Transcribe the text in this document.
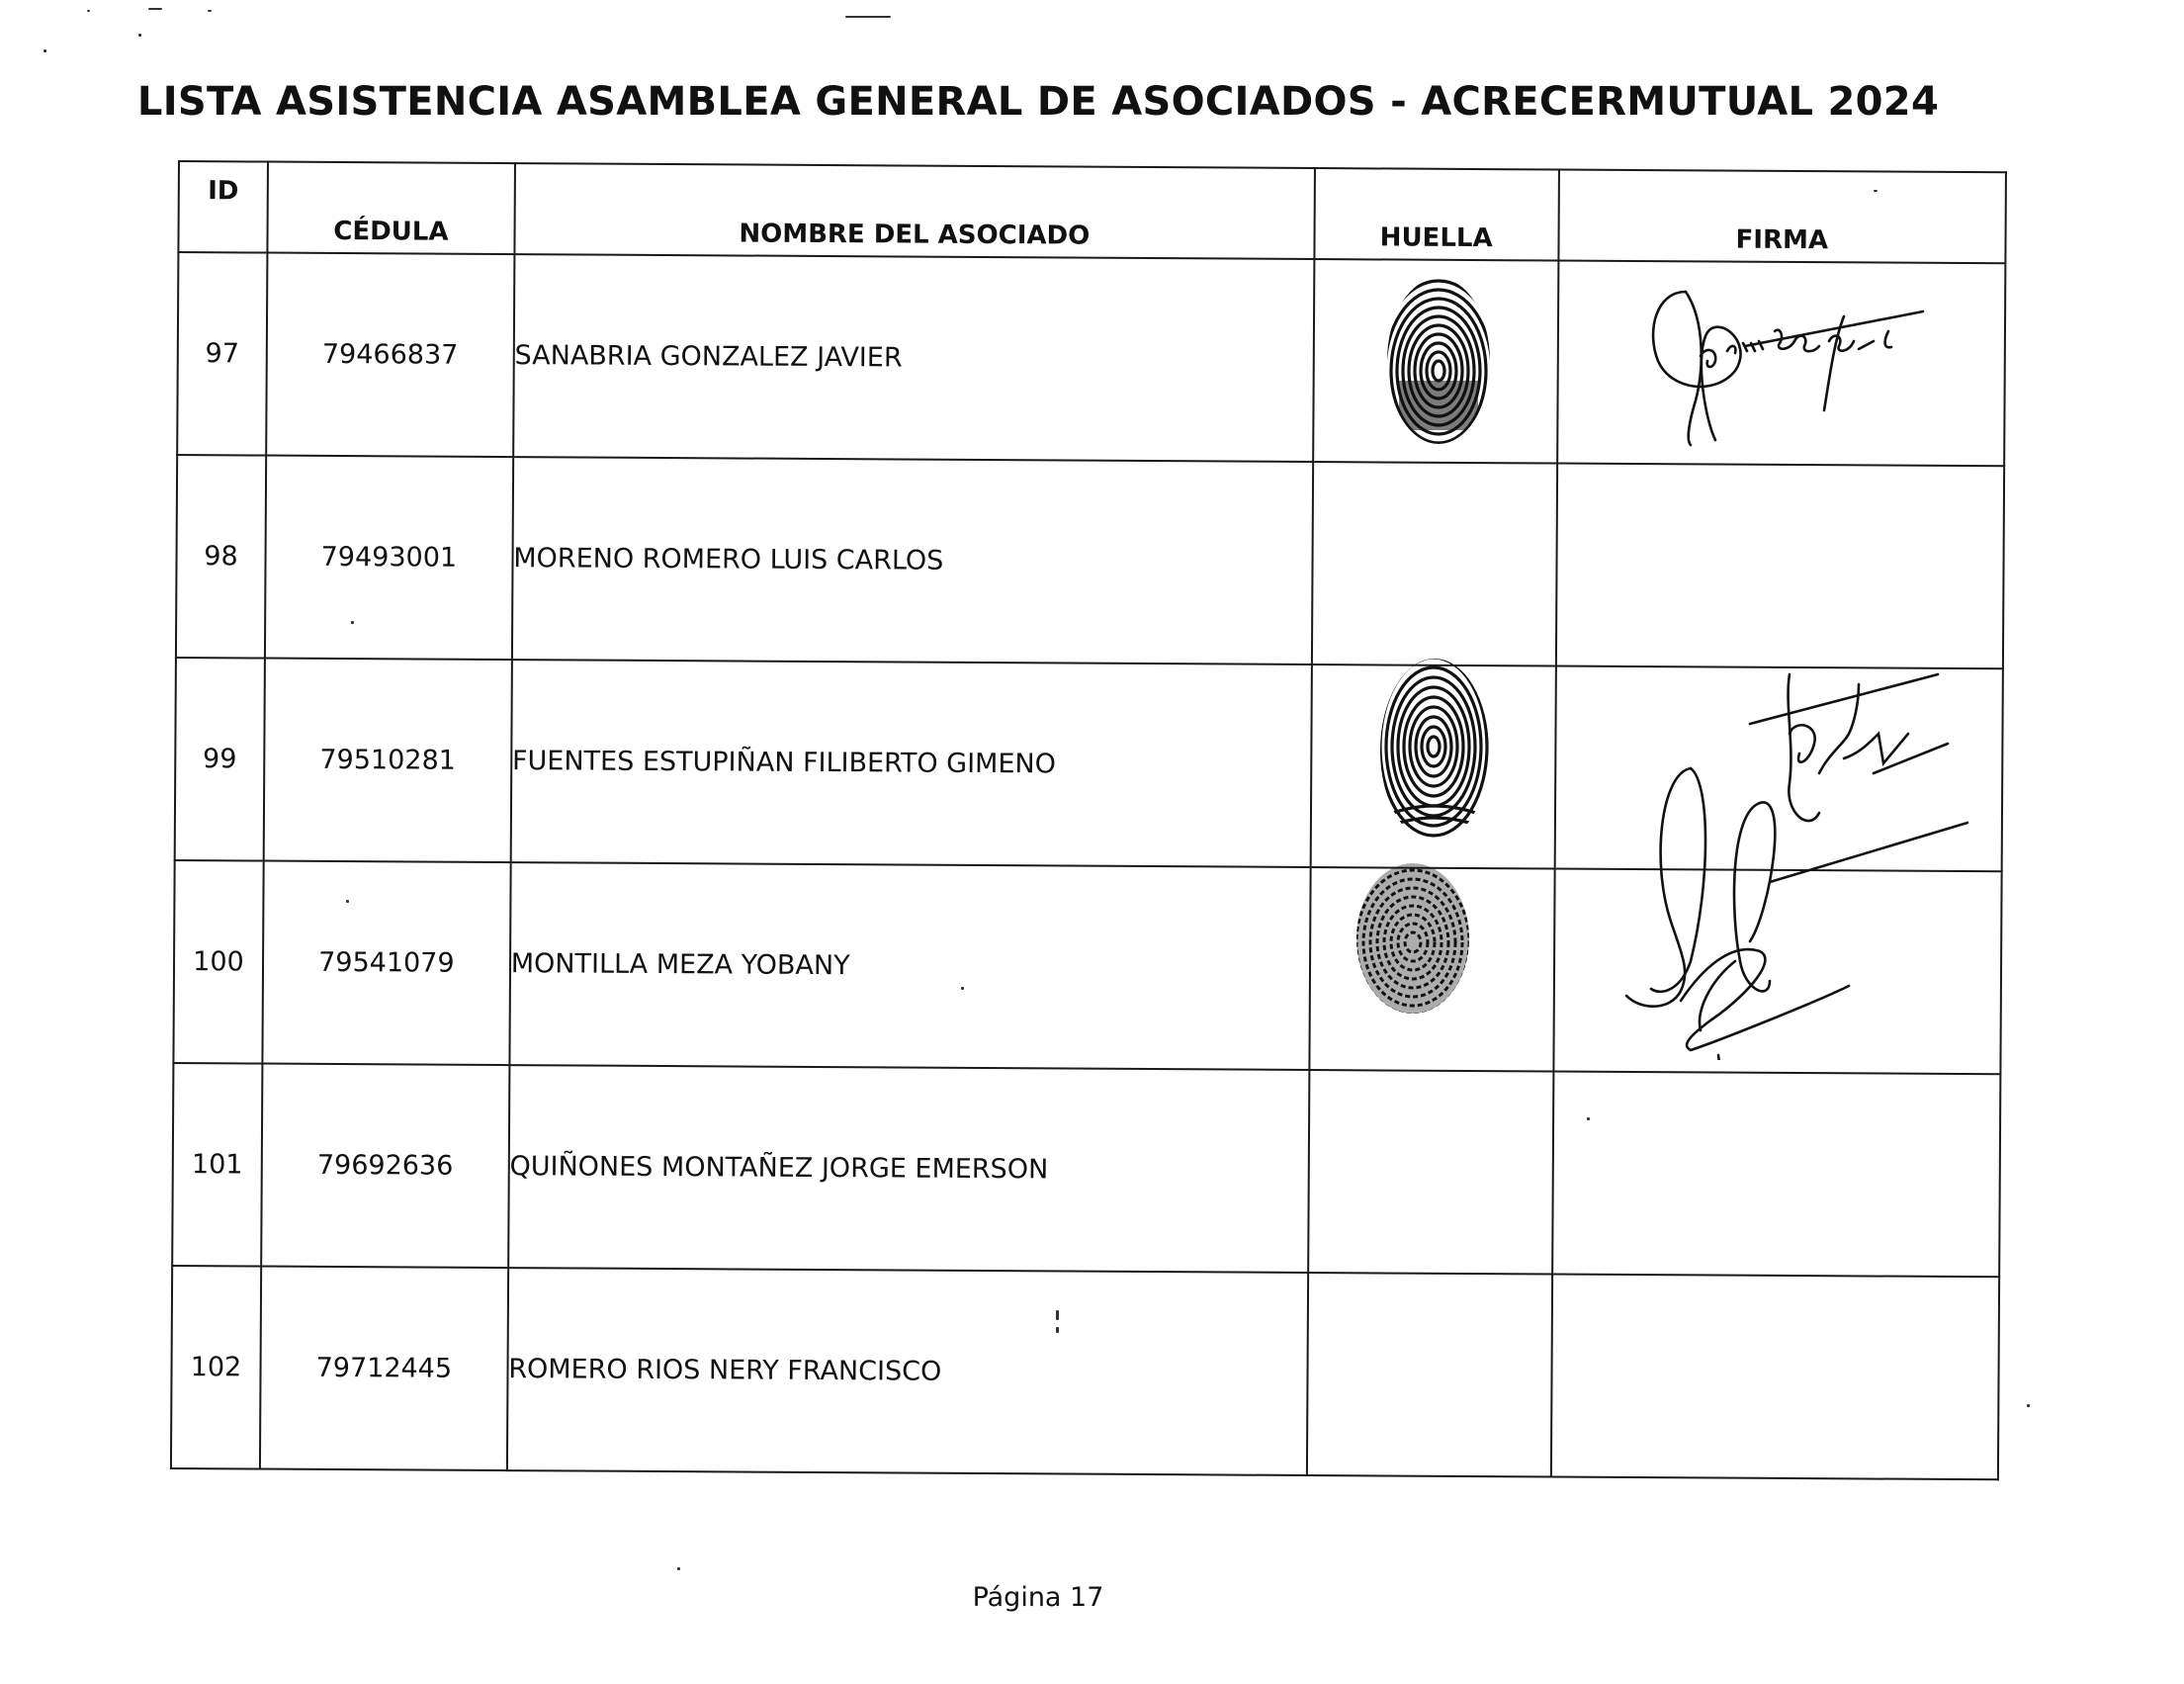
LISTA ASISTENCIA ASAMBLEA GENERAL DE ASOCIADOS - ACRECERMUTUAL 2024
ID	CÉDULA	NOMBRE DEL ASOCIADO	HUELLA	FIRMA
97	79466837	SANABRIA GONZALEZ JAVIER		
98	79493001	MORENO ROMERO LUIS CARLOS		
99	79510281	FUENTES ESTUPIÑAN FILIBERTO GIMENO		
100	79541079	MONTILLA MEZA YOBANY		
101	79692636	QUIÑONES MONTAÑEZ JORGE EMERSON		
102	79712445	ROMERO RIOS NERY FRANCISCO		
Página 17
